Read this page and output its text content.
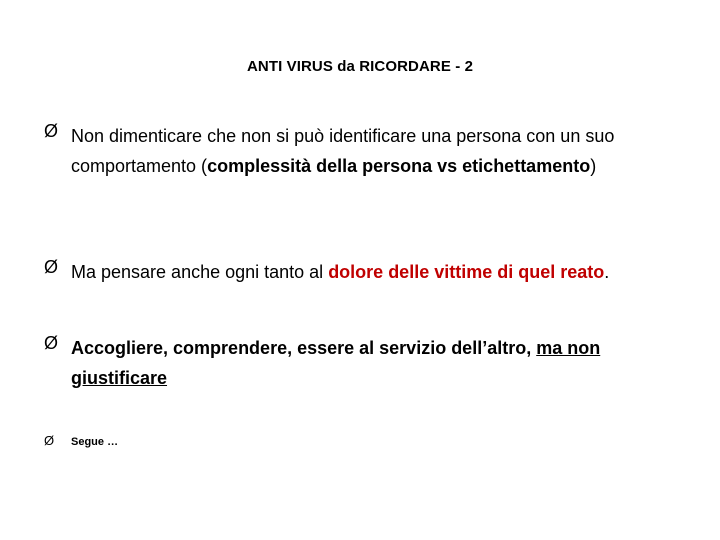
ANTI VIRUS da RICORDARE - 2
Ø Non dimenticare che non si può identificare una persona con un suo comportamento (complessità della persona vs etichettamento)
Ø Ma pensare anche ogni tanto al dolore delle vittime di quel reato.
Ø Accogliere, comprendere, essere al servizio dell’altro, ma non giustificare
Ø Segue …
